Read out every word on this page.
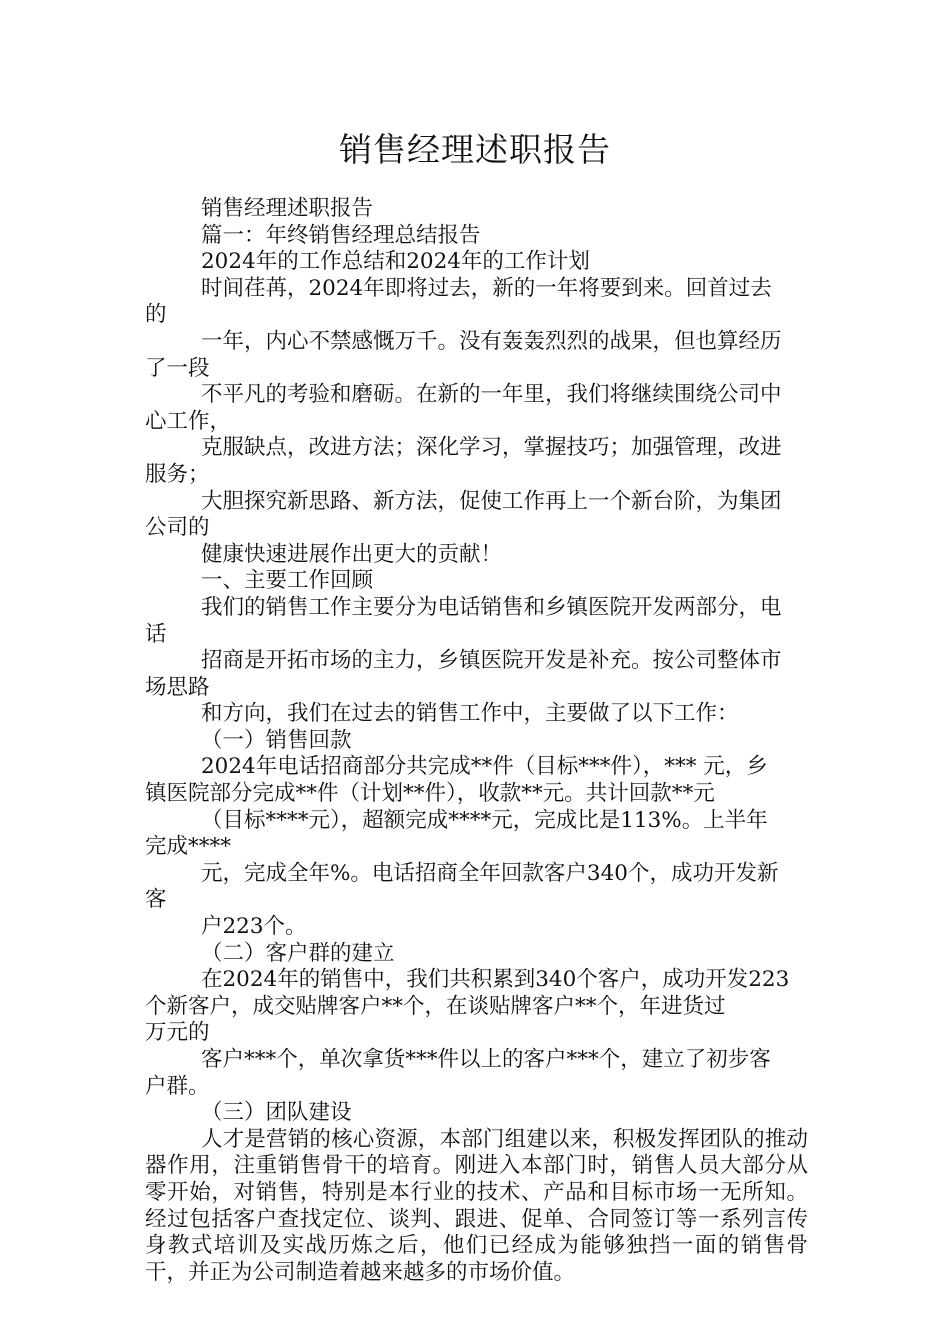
销售经理述职报告
销售经理述职报告
篇一：年终销售经理总结报告
2024年的工作总结和2024年的工作计划
时间荏苒，2024年即将过去，新的一年将要到来。回首过去
的
一年，内心不禁感慨万千。没有轰轰烈烈的战果，但也算经历
了一段
不平凡的考验和磨砺。在新的一年里，我们将继续围绕公司中
心工作，
克服缺点，改进方法；深化学习，掌握技巧；加强管理，改进
服务；
大胆探究新思路、新方法，促使工作再上一个新台阶，为集团
公司的
健康快速进展作出更大的贡献！
一、主要工作回顾
我们的销售工作主要分为电话销售和乡镇医院开发两部分，电
话
招商是开拓市场的主力，乡镇医院开发是补充。按公司整体市
场思路
和方向，我们在过去的销售工作中，主要做了以下工作：
（一）销售回款
2024年电话招商部分共完成**件（目标***件），*** 元，乡
镇医院部分完成**件（计划**件），收款**元。共计回款**元
（目标****元），超额完成****元，完成比是113%。上半年
完成****
元，完成全年%。电话招商全年回款客户340个，成功开发新
客
户223个。
（二）客户群的建立
在2024年的销售中，我们共积累到340个客户，成功开发223
个新客户，成交贴牌客户**个，在谈贴牌客户**个，年进货过
万元的
客户***个，单次拿货***件以上的客户***个，建立了初步客
户群。
（三）团队建设
人才是营销的核心资源，本部门组建以来，积极发挥团队的推动器作用，注重销售骨干的培育。刚进入本部门时，销售人员大部分从零开始，对销售，特别是本行业的技术、产品和目标市场一无所知。经过包括客户查找定位、谈判、跟进、促单、合同签订等一系列言传身教式培训及实战历炼之后，他们已经成为能够独挡一面的销售骨干，并正为公司制造着越来越多的市场价值。
